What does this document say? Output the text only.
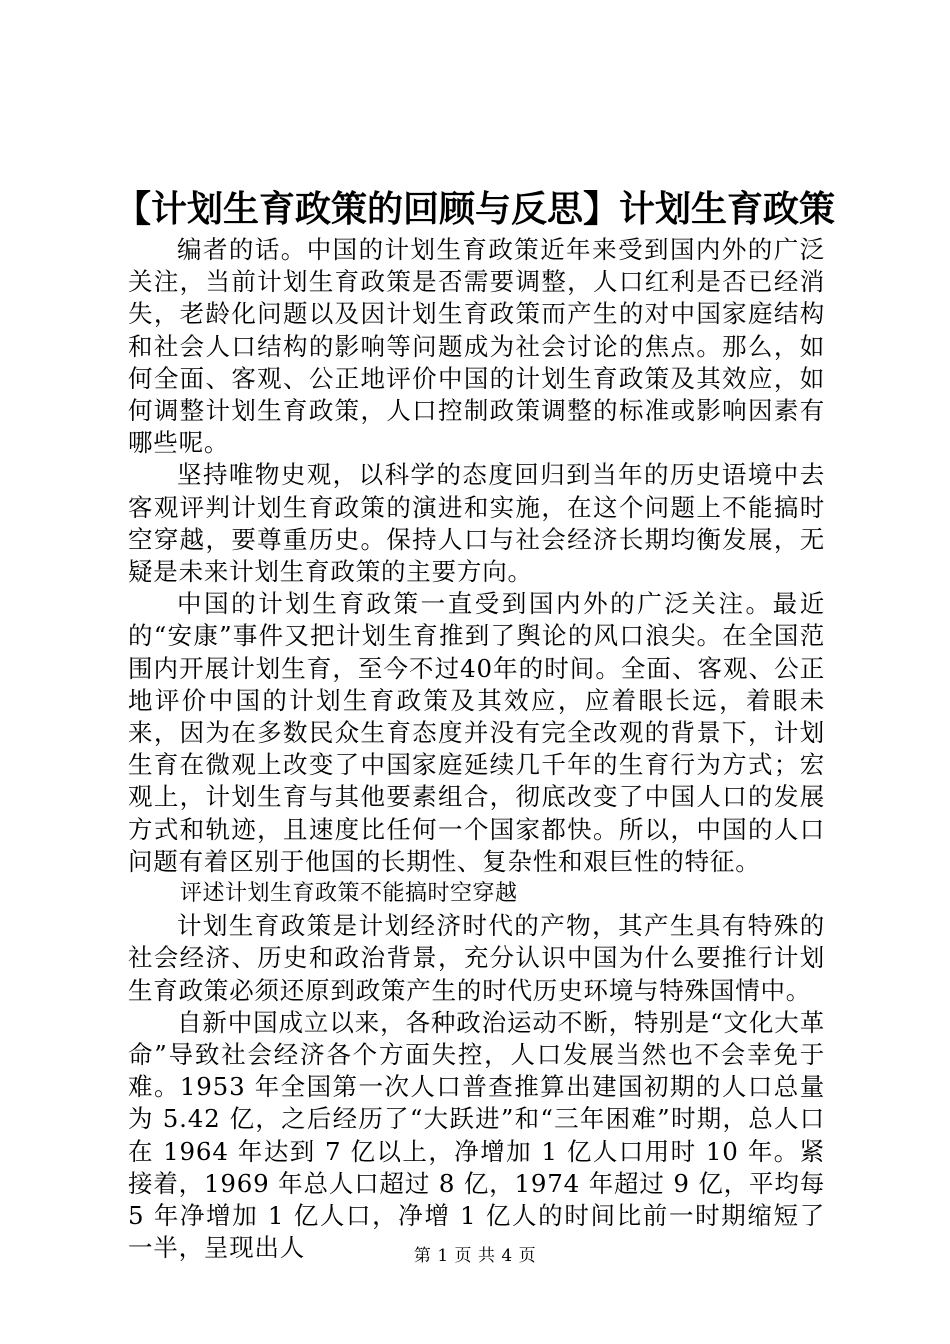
【计划生育政策的回顾与反思】计划生育政策

编者的话。中国的计划生育政策近年来受到国内外的广泛关注，当前计划生育政策是否需要调整，人口红利是否已经消失，老龄化问题以及因计划生育政策而产生的对中国家庭结构和社会人口结构的影响等问题成为社会讨论的焦点。那么，如何全面、客观、公正地评价中国的计划生育政策及其效应，如何调整计划生育政策，人口控制政策调整的标准或影响因素有哪些呢。

坚持唯物史观，以科学的态度回归到当年的历史语境中去客观评判计划生育政策的演进和实施，在这个问题上不能搞时空穿越，要尊重历史。保持人口与社会经济长期均衡发展，无疑是未来计划生育政策的主要方向。

中国的计划生育政策一直受到国内外的广泛关注。最近的“安康”事件又把计划生育推到了舆论的风口浪尖。在全国范围内开展计划生育，至今不过40年的时间。全面、客观、公正地评价中国的计划生育政策及其效应，应着眼长远，着眼未来，因为在多数民众生育态度并没有完全改观的背景下，计划生育在微观上改变了中国家庭延续几千年的生育行为方式；宏观上，计划生育与其他要素组合，彻底改变了中国人口的发展方式和轨迹，且速度比任何一个国家都快。所以，中国的人口问题有着区别于他国的长期性、复杂性和艰巨性的特征。

评述计划生育政策不能搞时空穿越

计划生育政策是计划经济时代的产物，其产生具有特殊的社会经济、历史和政治背景，充分认识中国为什么要推行计划生育政策必须还原到政策产生的时代历史环境与特殊国情中。

自新中国成立以来，各种政治运动不断，特别是“文化大革命”导致社会经济各个方面失控，人口发展当然也不会幸免于难。1953 年全国第一次人口普查推算出建国初期的人口总量为 5.42 亿，之后经历了“大跃进”和“三年困难”时期，总人口在 1964 年达到 7 亿以上，净增加 1 亿人口用时 10 年。紧接着，1969 年总人口超过 8 亿，1974 年超过 9 亿，平均每 5 年净增加 1 亿人口，净增 1 亿人的时间比前一时期缩短了一半，呈现出人	第 1 页 共 4 页
